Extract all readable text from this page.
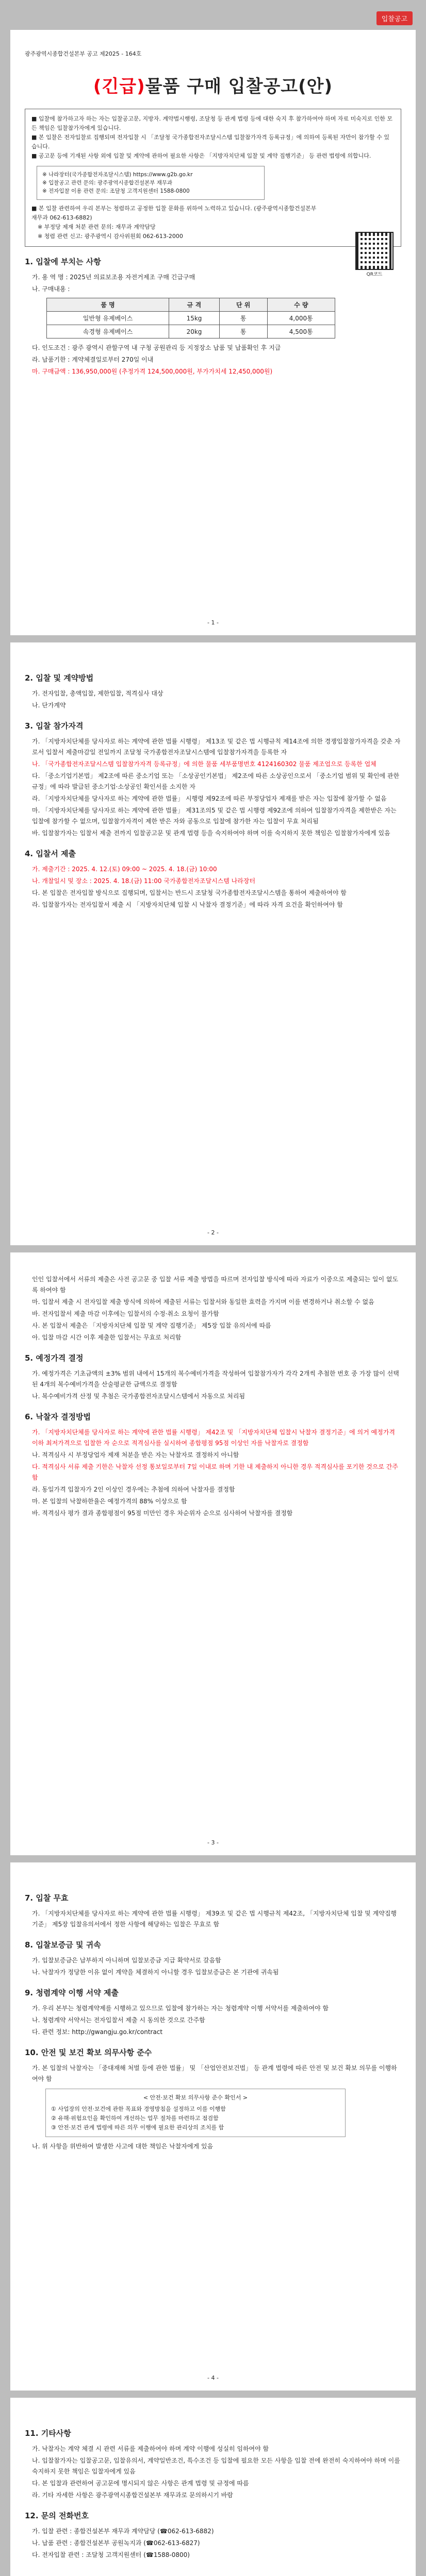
입찰공고
광주광역시종합건설본부 공고 제2025 - 164호
(긴급)물품 구매 입찰공고(안)
■ 입찰에 참가하고자 하는 자는 입찰공고문, 지방자. 계약법시행령, 조달청 등 관계 법령 등에 대한 숙지 후 참가하여야 하며 자료 미숙지로 인한 모든 책임은 입찰참가자에게 있습니다.
■ 본 입찰은 전자입찰로 집행되며 전자입찰 시 「조달청 국가종합전자조달시스템 입찰참가자격 등록규정」에 의하여 등록된 자만이 참가할 수 있습니다.
■ 공고문 등에 기재된 사항 외에 입찰 및 계약에 관하여 필요한 사항은 「지방자치단체 입찰 및 계약 집행기준」 등 관련 법령에 의합니다.
※ 나라장터(국가종합전자조달시스템) https://www.g2b.go.kr
※ 입찰공고 관련 문의: 광주광역시종합건설본부 재무과
※ 전자입찰 이용 관련 문의: 조달청 고객지원센터 1588-0800
■ 본 입찰 관련하여 우리 본부는 청렴하고 공정한 입찰 문화를 위하여 노력하고 있습니다. (광주광역시종합건설본부 재무과 062-613-6882)
※ 부정당 제재 처분 관련 문의: 재무과 계약담당
※ 청렴 관련 신고: 광주광역시 감사위원회 062-613-2000
QR코드
1. 입찰에 부치는 사항
가. 용 역 명 : 2025년 의료보조용 자전거제조 구매 긴급구매
나. 구매내용 :
품 명	규 격	단 위	수 량
일반형 유제베이스	15kg	통	4,000통
속경형 유제베이스	20kg	통	4,500통
다. 인도조건 : 광주 광역시 관할구역 내 구청 공원관리 등 지정장소 납품 및 납품확인 후 지급
라. 납품기한 : 계약체결일로부터 270일 이내
마. 구매금액 : 136,950,000원 (추정가격 124,500,000원, 부가가치세 12,450,000원)
- 1 -
2. 입찰 및 계약방법
가. 전자입찰, 총액입찰, 제한입찰, 적격심사 대상
나. 단가계약
3. 입찰 참가자격
가. 「지방자치단체를 당사자로 하는 계약에 관한 법률 시행령」 제13조 및 같은 법 시행규칙 제14조에 의한 경쟁입찰참가자격을 갖춘 자로서 입찰서 제출마감일 전일까지 조달청 국가종합전자조달시스템에 입찰참가자격을 등록한 자
나. 「국가종합전자조달시스템 입찰참가자격 등록규정」에 의한 물품 세부품명번호 4124160302 물품 제조업으로 등록한 업체
다. 「중소기업기본법」 제2조에 따른 중소기업 또는 「소상공인기본법」 제2조에 따른 소상공인으로서 「중소기업 범위 및 확인에 관한 규정」에 따라 발급된 중소기업·소상공인 확인서를 소지한 자
라. 「지방자치단체를 당사자로 하는 계약에 관한 법률」 시행령 제92조에 따른 부정당업자 제재를 받은 자는 입찰에 참가할 수 없음
마. 「지방자치단체를 당사자로 하는 계약에 관한 법률」 제31조의5 및 같은 법 시행령 제92조에 의하여 입찰참가자격을 제한받은 자는 입찰에 참가할 수 없으며, 입찰참가자격이 제한 받은 자와 공동으로 입찰에 참가한 자는 입찰이 무효 처리됨
바. 입찰참가자는 입찰서 제출 전까지 입찰공고문 및 관계 법령 등을 숙지하여야 하며 이를 숙지하지 못한 책임은 입찰참가자에게 있음
4. 입찰서 제출
가. 제출기간 : 2025. 4. 12.(토) 09:00 ~ 2025. 4. 18.(금) 10:00
나. 개찰일시 및 장소 : 2025. 4. 18.(금) 11:00 국가종합전자조달시스템 나라장터
다. 본 입찰은 전자입찰 방식으로 집행되며, 입찰서는 반드시 조달청 국가종합전자조달시스템을 통하여 제출하여야 함
라. 입찰참가자는 전자입찰서 제출 시 「지방자치단체 입찰 시 낙찰자 결정기준」에 따라 자격 요건을 확인하여야 함
- 2 -
인인 입찰서에서 서류의 제출은 사전 공고문 중 입찰 서류 제출 방법을 따르며 전자입찰 방식에 따라 자료가 이중으로 제출되는 일이 없도록 하여야 함
마. 입찰서 제출 시 전자입찰 제출 방식에 의하여 제출된 서류는 입찰서와 동일한 효력을 가지며 이를 변경하거나 취소할 수 없음
바. 전자입찰서 제출 마감 이후에는 입찰서의 수정·취소 요청이 불가함
사. 본 입찰서 제출은 「지방자치단체 입찰 및 계약 집행기준」 제5장 입찰 유의서에 따름
아. 입찰 마감 시간 이후 제출한 입찰서는 무효로 처리함
5. 예정가격 결정
가. 예정가격은 기초금액의 ±3% 범위 내에서 15개의 복수예비가격을 작성하여 입찰참가자가 각각 2개씩 추첨한 번호 중 가장 많이 선택된 4개의 복수예비가격을 산술평균한 금액으로 결정함
나. 복수예비가격 산정 및 추첨은 국가종합전자조달시스템에서 자동으로 처리됨
6. 낙찰자 결정방법
가. 「지방자치단체를 당사자로 하는 계약에 관한 법률 시행령」 제42조 및 「지방자치단체 입찰시 낙찰자 결정기준」에 의거 예정가격 이하 최저가격으로 입찰한 자 순으로 적격심사를 실시하여 종합평점 95점 이상인 자를 낙찰자로 결정함
나. 적격심사 시 부정당업자 제재 처분을 받은 자는 낙찰자로 결정하지 아니함
다. 적격심사 서류 제출 기한은 낙찰자 선정 통보일로부터 7일 이내로 하며 기한 내 제출하지 아니한 경우 적격심사를 포기한 것으로 간주함
라. 동일가격 입찰자가 2인 이상인 경우에는 추첨에 의하여 낙찰자를 결정함
마. 본 입찰의 낙찰하한율은 예정가격의 88% 이상으로 함
바. 적격심사 평가 결과 종합평점이 95점 미만인 경우 차순위자 순으로 심사하여 낙찰자를 결정함
- 3 -
7. 입찰 무효
가. 「지방자치단체를 당사자로 하는 계약에 관한 법률 시행령」 제39조 및 같은 법 시행규칙 제42조, 「지방자치단체 입찰 및 계약집행기준」 제5장 입찰유의서에서 정한 사항에 해당하는 입찰은 무효로 함
8. 입찰보증금 및 귀속
가. 입찰보증금은 납부하지 아니하며 입찰보증금 지급 확약서로 갈음함
나. 낙찰자가 정당한 이유 없이 계약을 체결하지 아니할 경우 입찰보증금은 본 기관에 귀속됨
9. 청렴계약 이행 서약 제출
가. 우리 본부는 청렴계약제를 시행하고 있으므로 입찰에 참가하는 자는 청렴계약 이행 서약서를 제출하여야 함
나. 청렴계약 서약서는 전자입찰서 제출 시 동의한 것으로 간주함
다. 관련 정보: http://gwangju.go.kr/contract
10. 안전 및 보건 확보 의무사항 준수
가. 본 입찰의 낙찰자는 「중대재해 처벌 등에 관한 법률」 및 「산업안전보건법」 등 관계 법령에 따른 안전 및 보건 확보 의무를 이행하여야 함
< 안전·보건 확보 의무사항 준수 확인서 >
① 사업장의 안전·보건에 관한 목표와 경영방침을 설정하고 이를 이행함
② 유해·위험요인을 확인하여 개선하는 업무 절차를 마련하고 점검함
③ 안전·보건 관계 법령에 따른 의무 이행에 필요한 관리상의 조치를 함
나. 위 사항을 위반하여 발생한 사고에 대한 책임은 낙찰자에게 있음
- 4 -
11. 기타사항
가. 낙찰자는 계약 체결 시 관련 서류를 제출하여야 하며 계약 이행에 성실히 임하여야 함
나. 입찰참가자는 입찰공고문, 입찰유의서, 계약일반조건, 특수조건 등 입찰에 필요한 모든 사항을 입찰 전에 완전히 숙지하여야 하며 이를 숙지하지 못한 책임은 입찰자에게 있음
다. 본 입찰과 관련하여 공고문에 명시되지 않은 사항은 관계 법령 및 규정에 따름
라. 기타 자세한 사항은 광주광역시종합건설본부 재무과로 문의하시기 바람
12. 문의 전화번호
가. 입찰 관련 : 종합건설본부 재무과 계약담당 (☎062-613-6882)
나. 납품 관련 : 종합건설본부 공원녹지과 (☎062-613-6827)
다. 전자입찰 관련 : 조달청 고객지원센터 (☎1588-0800)
